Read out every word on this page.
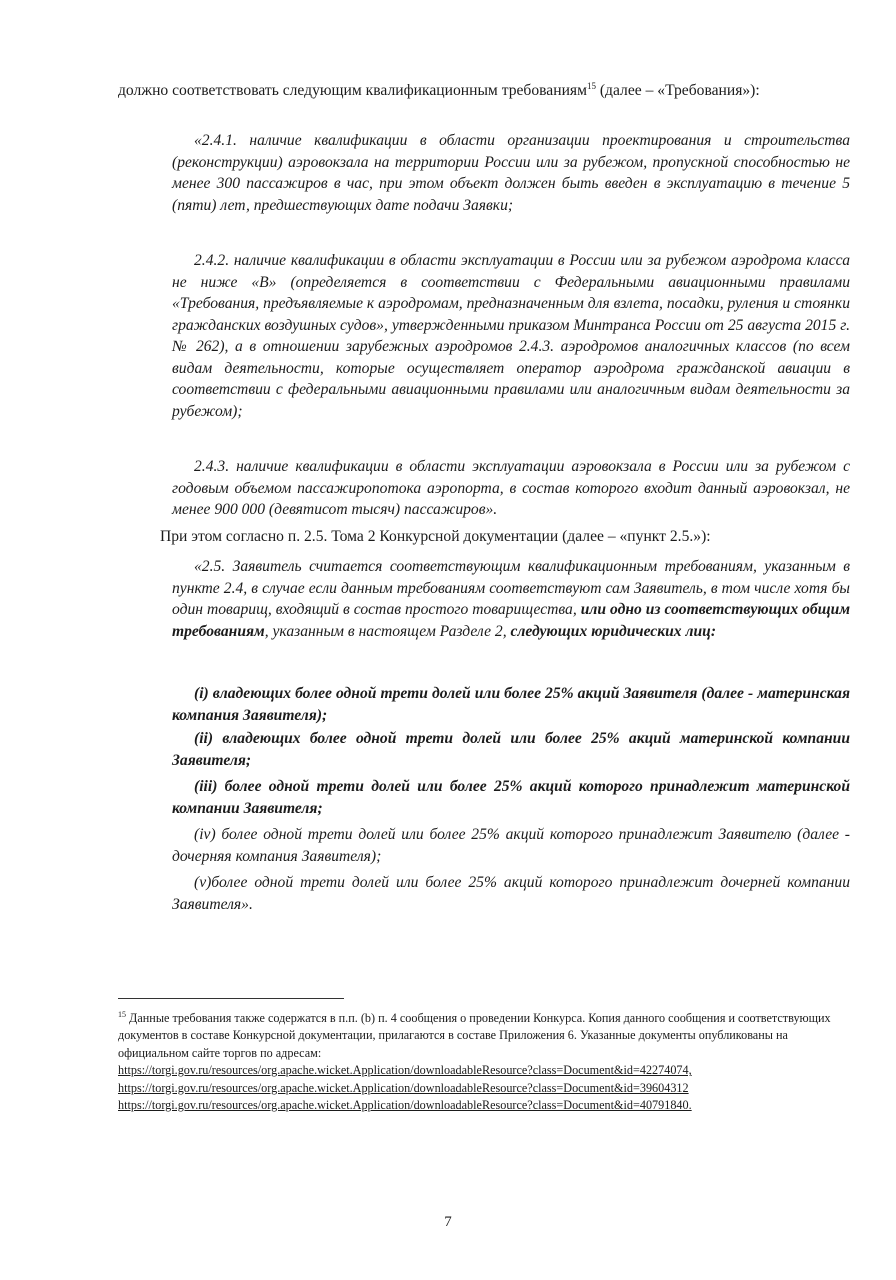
должно соответствовать следующим квалификационным требованиям$^{15}$ (далее – «Требования»):

«2.4.1. наличие квалификации в области организации проектирования и строительства (реконструкции) аэровокзала на территории России или за рубежом, пропускной способностью не менее 300 пассажиров в час, при этом объект должен быть введен в эксплуатацию в течение 5 (пяти) лет, предшествующих дате подачи Заявки;

2.4.2. наличие квалификации в области эксплуатации в России или за рубежом аэродрома класса не ниже «В» (определяется в соответствии с Федеральными авиационными правилами «Требования, предъявляемые к аэродромам, предназначенным для взлета, посадки, руления и стоянки гражданских воздушных судов», утвержденными приказом Минтранса России от 25 августа 2015 г. № 262), а в отношении зарубежных аэродромов 2.4.3. аэродромов аналогичных классов (по всем видам деятельности, которые осуществляет оператор аэродрома гражданской авиации в соответствии с федеральными авиационными правилами или аналогичным видам деятельности за рубежом);

2.4.3. наличие квалификации в области эксплуатации аэровокзала в России или за рубежом с годовым объемом пассажиропотока аэропорта, в состав которого входит данный аэровокзал, не менее 900 000 (девятисот тысяч) пассажиров».

При этом согласно п. 2.5. Тома 2 Конкурсной документации (далее – «пункт 2.5.»):

«2.5. Заявитель считается соответствующим квалификационным требованиям, указанным в пункте 2.4, в случае если данным требованиям соответствуют сам Заявитель, в том числе хотя бы один товарищ, входящий в состав простого товарищества, или одно из соответствующих общим требованиям, указанным в настоящем Разделе 2, следующих юридических лиц:

(i) владеющих более одной трети долей или более 25% акций Заявителя (далее - материнская компания Заявителя);

(ii) владеющих более одной трети долей или более 25% акций материнской компании Заявителя;

(iii) более одной трети долей или более 25% акций которого принадлежит материнской компании Заявителя;

(iv) более одной трети долей или более 25% акций которого принадлежит Заявителю (далее - дочерняя компания Заявителя);

(v)более одной трети долей или более 25% акций которого принадлежит дочерней компании Заявителя».

$^{15}$ Данные требования также содержатся в п.п. (b) п. 4 сообщения о проведении Конкурса. Копия данного сообщения и соответствующих документов в составе Конкурсной документации, прилагаются в составе Приложения 6. Указанные документы опубликованы на официальном сайте торгов по адресам:
https://torgi.gov.ru/resources/org.apache.wicket.Application/downloadableResource?class=Document&id=42274074,
https://torgi.gov.ru/resources/org.apache.wicket.Application/downloadableResource?class=Document&id=39604312
https://torgi.gov.ru/resources/org.apache.wicket.Application/downloadableResource?class=Document&id=40791840.
7
